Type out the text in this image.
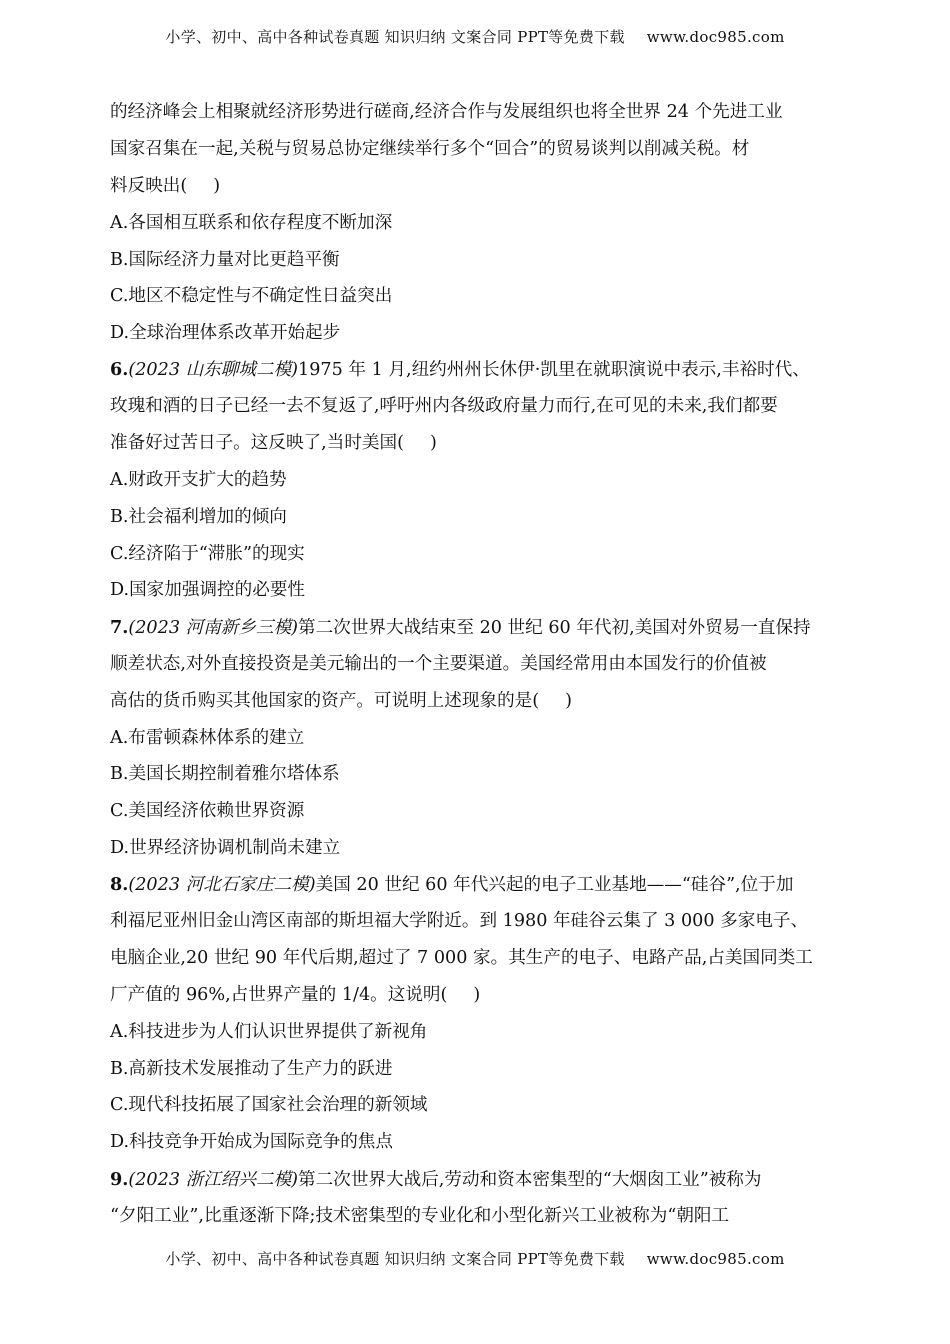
小学、初中、高中各种试卷真题 知识归纳 文案合同 PPT等免费下载 www.doc985.com
的经济峰会上相聚就经济形势进行磋商,经济合作与发展组织也将全世界 24 个先进工业
国家召集在一起,关税与贸易总协定继续举行多个“回合”的贸易谈判以削减关税。材
料反映出( )
A.各国相互联系和依存程度不断加深
B.国际经济力量对比更趋平衡
C.地区不稳定性与不确定性日益突出
D.全球治理体系改革开始起步
6.(2023 山东聊城二模)1975 年 1 月,纽约州州长休伊·凯里在就职演说中表示,丰裕时代、
玫瑰和酒的日子已经一去不复返了,呼吁州内各级政府量力而行,在可见的未来,我们都要
准备好过苦日子。这反映了,当时美国( )
A.财政开支扩大的趋势
B.社会福利增加的倾向
C.经济陷于“滞胀”的现实
D.国家加强调控的必要性
7.(2023 河南新乡三模)第二次世界大战结束至 20 世纪 60 年代初,美国对外贸易一直保持
顺差状态,对外直接投资是美元输出的一个主要渠道。美国经常用由本国发行的价值被
高估的货币购买其他国家的资产。可说明上述现象的是( )
A.布雷顿森林体系的建立
B.美国长期控制着雅尔塔体系
C.美国经济依赖世界资源
D.世界经济协调机制尚未建立
8.(2023 河北石家庄二模)美国 20 世纪 60 年代兴起的电子工业基地——“硅谷”,位于加
利福尼亚州旧金山湾区南部的斯坦福大学附近。到 1980 年硅谷云集了 3 000 多家电子、
电脑企业,20 世纪 90 年代后期,超过了 7 000 家。其生产的电子、电路产品,占美国同类工
厂产值的 96%,占世界产量的 1/4。这说明( )
A.科技进步为人们认识世界提供了新视角
B.高新技术发展推动了生产力的跃进
C.现代科技拓展了国家社会治理的新领域
D.科技竞争开始成为国际竞争的焦点
9.(2023 浙江绍兴二模)第二次世界大战后,劳动和资本密集型的“大烟囱工业”被称为
“夕阳工业”,比重逐渐下降;技术密集型的专业化和小型化新兴工业被称为“朝阳工
小学、初中、高中各种试卷真题 知识归纳 文案合同 PPT等免费下载 www.doc985.com
